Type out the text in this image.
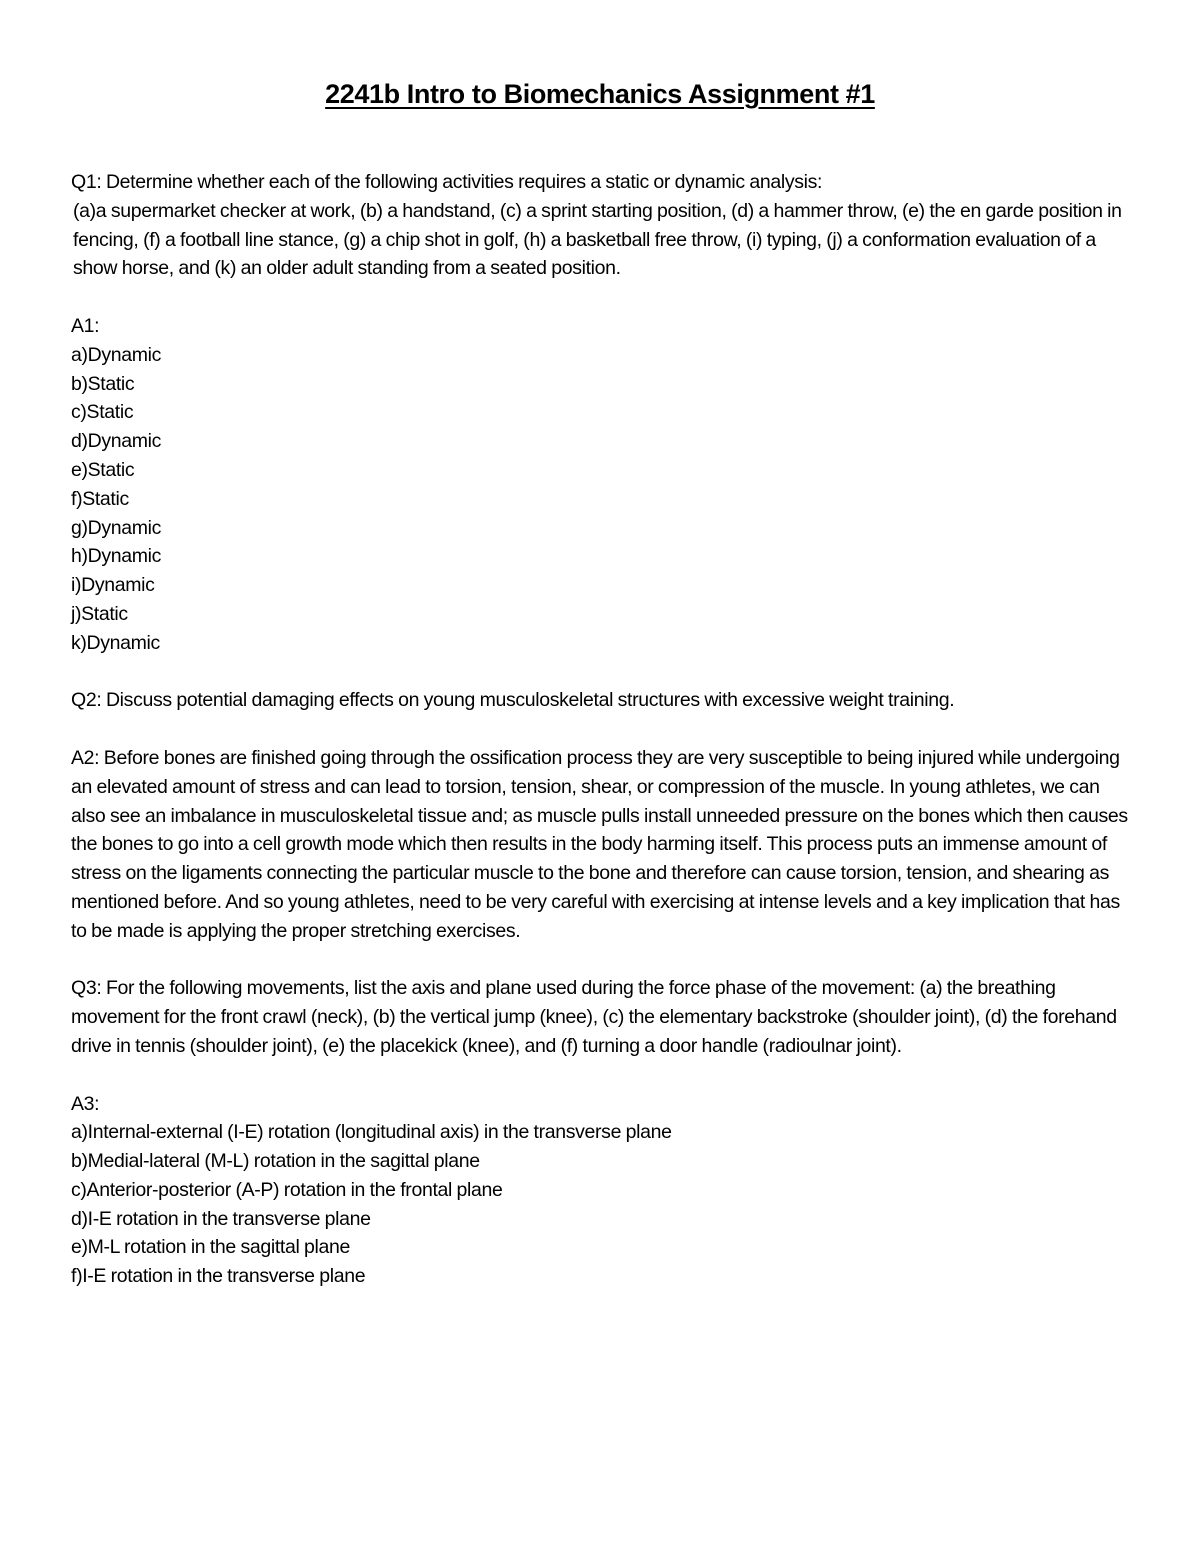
2241b Intro to Biomechanics Assignment #1

Q1: Determine whether each of the following activities requires a static or dynamic analysis:

(a)a supermarket checker at work, (b) a handstand, (c) a sprint starting position, (d) a hammer throw, (e) the en garde position in fencing, (f) a football line stance, (g) a chip shot in golf, (h) a basketball free throw, (i) typing, (j) a conformation evaluation of a show horse, and (k) an older adult standing from a seated position.

A1:

a)Dynamic
b)Static
c)Static
d)Dynamic
e)Static
f)Static
g)Dynamic
h)Dynamic
i)Dynamic
j)Static
k)Dynamic

Q2: Discuss potential damaging effects on young musculoskeletal structures with excessive weight training.

A2: Before bones are finished going through the ossification process they are very susceptible to being injured while undergoing an elevated amount of stress and can lead to torsion, tension, shear, or compression of the muscle. In young athletes, we can also see an imbalance in musculoskeletal tissue and; as muscle pulls install unneeded pressure on the bones which then causes the bones to go into a cell growth mode which then results in the body harming itself. This process puts an immense amount of stress on the ligaments connecting the particular muscle to the bone and therefore can cause torsion, tension, and shearing as mentioned before. And so young athletes, need to be very careful with exercising at intense levels and a key implication that has to be made is applying the proper stretching exercises.

Q3: For the following movements, list the axis and plane used during the force phase of the movement: (a) the breathing movement for the front crawl (neck), (b) the vertical jump (knee), (c) the elementary backstroke (shoulder joint), (d) the forehand drive in tennis (shoulder joint), (e) the placekick (knee), and (f) turning a door handle (radioulnar joint).

A3:

a)Internal-external (I-E) rotation (longitudinal axis) in the transverse plane
b)Medial-lateral (M-L) rotation in the sagittal plane
c)Anterior-posterior (A-P) rotation in the frontal plane
d)I-E rotation in the transverse plane
e)M-L rotation in the sagittal plane
f)I-E rotation in the transverse plane
